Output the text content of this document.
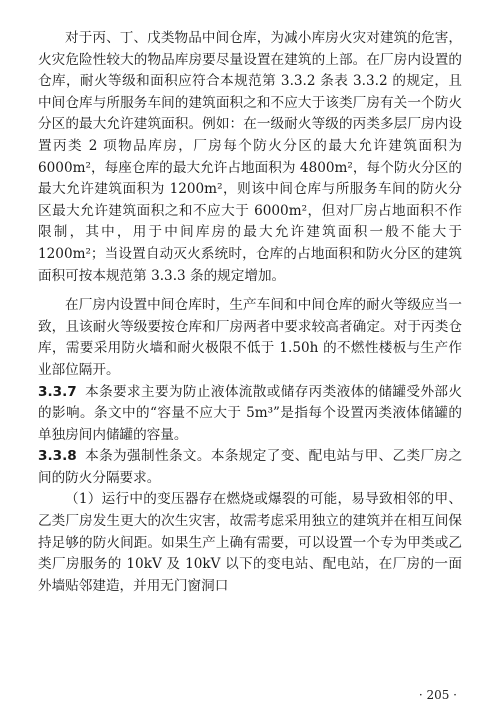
对于丙、丁、戊类物品中间仓库，为减小库房火灾对建筑的危害，火灾危险性较大的物品库房要尽量设置在建筑的上部。在厂房内设置的仓库，耐火等级和面积应符合本规范第 3.3.2 条表 3.3.2 的规定，且中间仓库与所服务车间的建筑面积之和不应大于该类厂房有关一个防火分区的最大允许建筑面积。例如：在一级耐火等级的丙类多层厂房内设置丙类 2 项物品库房，厂房每个防火分区的最大允许建筑面积为 6000m²，每座仓库的最大允许占地面积为 4800m²，每个防火分区的最大允许建筑面积为 1200m²，则该中间仓库与所服务车间的防火分区最大允许建筑面积之和不应大于 6000m²，但对厂房占地面积不作限制，其中，用于中间库房的最大允许建筑面积一般不能大于 1200m²；当设置自动灭火系统时，仓库的占地面积和防火分区的建筑面积可按本规范第 3.3.3 条的规定增加。

在厂房内设置中间仓库时，生产车间和中间仓库的耐火等级应当一致，且该耐火等级要按仓库和厂房两者中要求较高者确定。对于丙类仓库，需要采用防火墙和耐火极限不低于 1.50h 的不燃性楼板与生产作业部位隔开。

3.3.7 本条要求主要为防止液体流散或储存丙类液体的储罐受外部火的影响。条文中的“容量不应大于 5m³”是指每个设置丙类液体储罐的单独房间内储罐的容量。

3.3.8 本条为强制性条文。本条规定了变、配电站与甲、乙类厂房之间的防火分隔要求。

（1）运行中的变压器存在燃烧或爆裂的可能，易导致相邻的甲、乙类厂房发生更大的次生灾害，故需考虑采用独立的建筑并在相互间保持足够的防火间距。如果生产上确有需要，可以设置一个专为甲类或乙类厂房服务的 10kV 及 10kV 以下的变电站、配电站，在厂房的一面外墙贴邻建造，并用无门窗洞口

· 205 ·
